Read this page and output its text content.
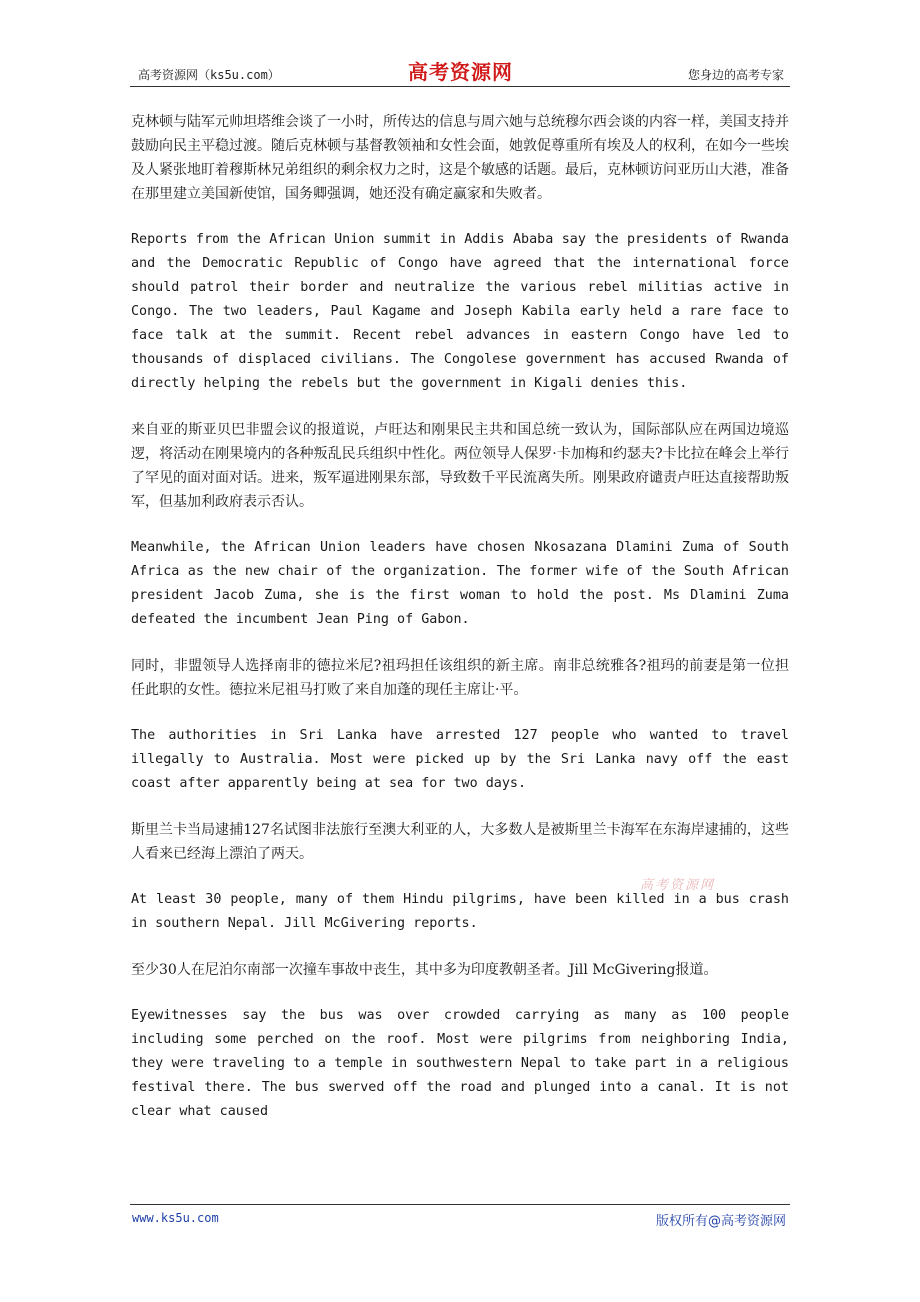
高考资源网（ks5u.com）	高考资源网	您身边的高考专家

克林顿与陆军元帅坦塔维会谈了一小时，所传达的信息与周六她与总统穆尔西会谈的内容一样，美国支持并鼓励向民主平稳过渡。随后克林顿与基督教领袖和女性会面，她敦促尊重所有埃及人的权利，在如今一些埃及人紧张地盯着穆斯林兄弟组织的剩余权力之时，这是个敏感的话题。最后，克林顿访问亚历山大港，准备在那里建立美国新使馆，国务卿强调，她还没有确定赢家和失败者。

Reports from the African Union summit in Addis Ababa say the presidents of Rwanda and the Democratic Republic of Congo have agreed that the international force should patrol their border and neutralize the various rebel militias active in Congo. The two leaders, Paul Kagame and Joseph Kabila early held a rare face to face talk at the summit. Recent rebel advances in eastern Congo have led to thousands of displaced civilians. The Congolese government has accused Rwanda of directly helping the rebels but the government in Kigali denies this.

来自亚的斯亚贝巴非盟会议的报道说，卢旺达和刚果民主共和国总统一致认为，国际部队应在两国边境巡逻，将活动在刚果境内的各种叛乱民兵组织中性化。两位领导人保罗·卡加梅和约瑟夫?卡比拉在峰会上举行了罕见的面对面对话。进来，叛军逼进刚果东部，导致数千平民流离失所。刚果政府谴责卢旺达直接帮助叛军，但基加利政府表示否认。

Meanwhile, the African Union leaders have chosen Nkosazana Dlamini Zuma of South Africa as the new chair of the organization. The former wife of the South African president Jacob Zuma, she is the first woman to hold the post. Ms Dlamini Zuma defeated the incumbent Jean Ping of Gabon.

同时，非盟领导人选择南非的德拉米尼?祖玛担任该组织的新主席。南非总统雅各?祖玛的前妻是第一位担任此职的女性。德拉米尼祖马打败了来自加蓬的现任主席让·平。

The authorities in Sri Lanka have arrested 127 people who wanted to travel illegally to Australia. Most were picked up by the Sri Lanka navy off the east coast after apparently being at sea for two days.

斯里兰卡当局逮捕127名试图非法旅行至澳大利亚的人，大多数人是被斯里兰卡海军在东海岸逮捕的，这些人看来已经海上漂泊了两天。

At least 30 people, many of them Hindu pilgrims, have been killed in a bus crash in southern Nepal. Jill McGivering reports.

至少30人在尼泊尔南部一次撞车事故中丧生，其中多为印度教朝圣者。Jill McGivering报道。

Eyewitnesses say the bus was over crowded carrying as many as 100 people including some perched on the roof. Most were pilgrims from neighboring India, they were traveling to a temple in southwestern Nepal to take part in a religious festival there. The bus swerved off the road and plunged into a canal. It is not clear what caused

高考资源网
www.ks5u.com	版权所有@高考资源网
